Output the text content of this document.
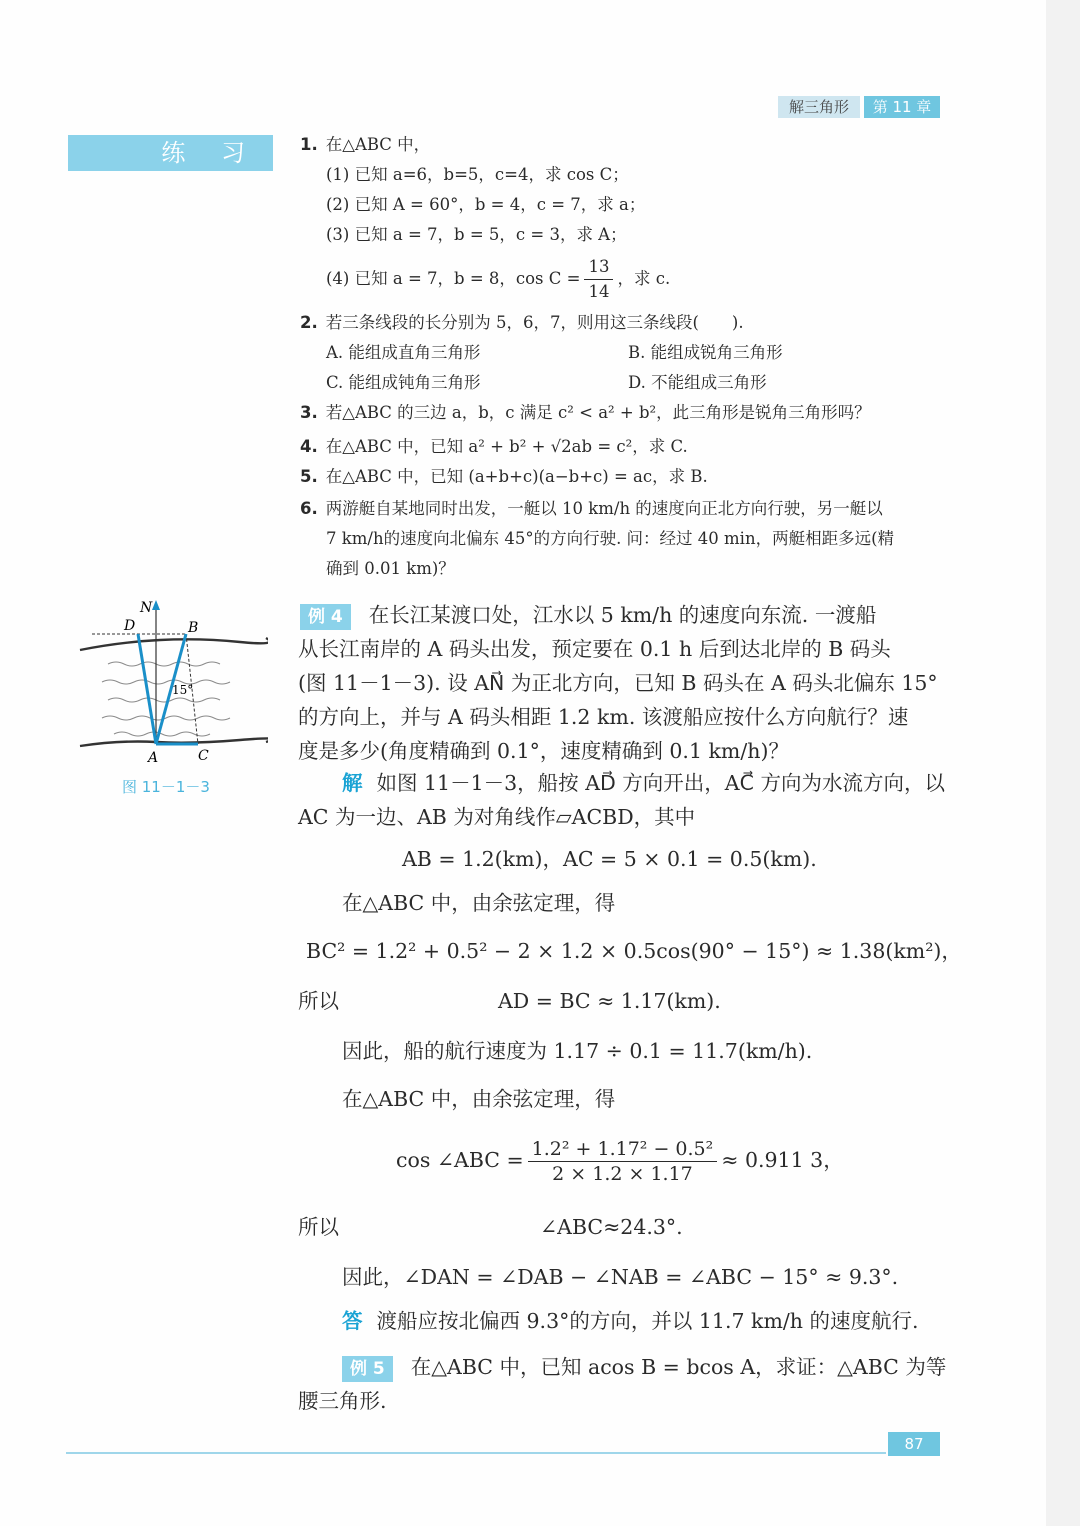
解三角形	第 11 章
练 习	1. 在△ABC 中，
(1) 已知 a=6，b=5，c=4，求 cos C；
(2) 已知 A = 60°，b = 4，c = 7，求 a；
(3) 已知 a = 7，b = 5，c = 3，求 A；
(4) 已知 a = 7，b = 8，$\cos C = \frac{13}{14}$ ，求 c.
2. 若三条线段的长分别为 5，6，7，则用这三条线段(　　).
A. 能组成直角三角形	B. 能组成锐角三角形
C. 能组成钝角三角形	D. 不能组成三角形
3. 若△ABC 的三边 a，b，c 满足 c² < a² + b²，此三角形是锐角三角形吗？
4. 在△ABC 中，已知 a² + b² + √2ab = c²，求 C.
5. 在△ABC 中，已知 (a+b+c)(a−b+c) = ac，求 B.
6. 两游艇自某地同时出发，一艇以 10 km/h 的速度向正北方向行驶，另一艇以
7 km/h的速度向北偏东 45°的方向行驶. 问：经过 40 min，两艇相距多远(精
确到 0.01 km)？
N
D	B
A	C
15°
图 11－1－3
例 4 在长江某渡口处，江水以 5 km/h 的速度向东流. 一渡船
从长江南岸的 A 码头出发，预定要在 0.1 h 后到达北岸的 B 码头
(图 11－1－3). 设 AN⃗ 为正北方向，已知 B 码头在 A 码头北偏东 15°
的方向上，并与 A 码头相距 1.2 km. 该渡船应按什么方向航行？速
度是多少(角度精确到 0.1°，速度精确到 0.1 km/h)？
解 如图 11－1－3，船按 AD⃗ 方向开出，AC⃗ 方向为水流方向，以
AC 为一边、AB 为对角线作▱ACBD，其中
AB = 1.2(km)，AC = 5 × 0.1 = 0.5(km).
在△ABC 中，由余弦定理，得
BC² = 1.2² + 0.5² − 2 × 1.2 × 0.5cos(90° − 15°) ≈ 1.38(km²)，
所以	AD = BC ≈ 1.17(km).
因此，船的航行速度为 1.17 ÷ 0.1 = 11.7(km/h).
在△ABC 中，由余弦定理，得
cos ∠ABC = $\frac{\text{1.2² + 1.17² − 0.5²}}{2 \times 1.2 \times 1.17} \approx 0.911$ 3，
所以	∠ABC≈24.3°.
因此，∠DAN = ∠DAB − ∠NAB = ∠ABC − 15° ≈ 9.3°.
答 渡船应按北偏西 9.3°的方向，并以 11.7 km/h 的速度航行.
例 5 在△ABC 中，已知 acos B = bcos A，求证：△ABC 为等
腰三角形.
87
